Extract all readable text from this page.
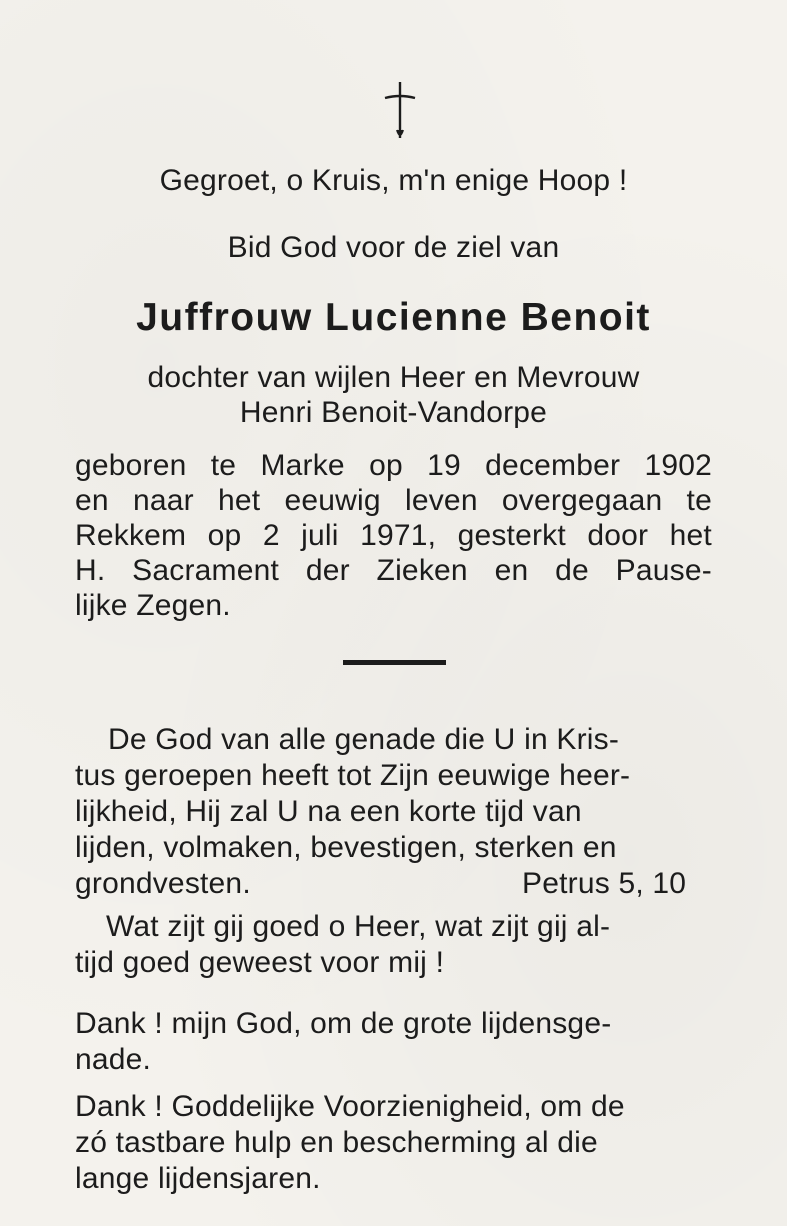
Gegroet, o Kruis, m'n enige Hoop !
Bid God voor de ziel van
Juffrouw Lucienne Benoit
dochter van wijlen Heer en Mevrouw
Henri Benoit-Vandorpe
geboren te Marke op 19 december 1902
en naar het eeuwig leven overgegaan te
Rekkem op 2 juli 1971, gesterkt door het
H. Sacrament der Zieken en de Pause-
lijke Zegen.
De God van alle genade die U in Kris-
tus geroepen heeft tot Zijn eeuwige heer-
lijkheid, Hij zal U na een korte tijd van
lijden, volmaken, bevestigen, sterken en
grondvesten.	Petrus 5, 10
Wat zijt gij goed o Heer, wat zijt gij al-
tijd goed geweest voor mij !
Dank ! mijn God, om de grote lijdensge-
nade.
Dank ! Goddelijke Voorzienigheid, om de
zó tastbare hulp en bescherming al die
lange lijdensjaren.
